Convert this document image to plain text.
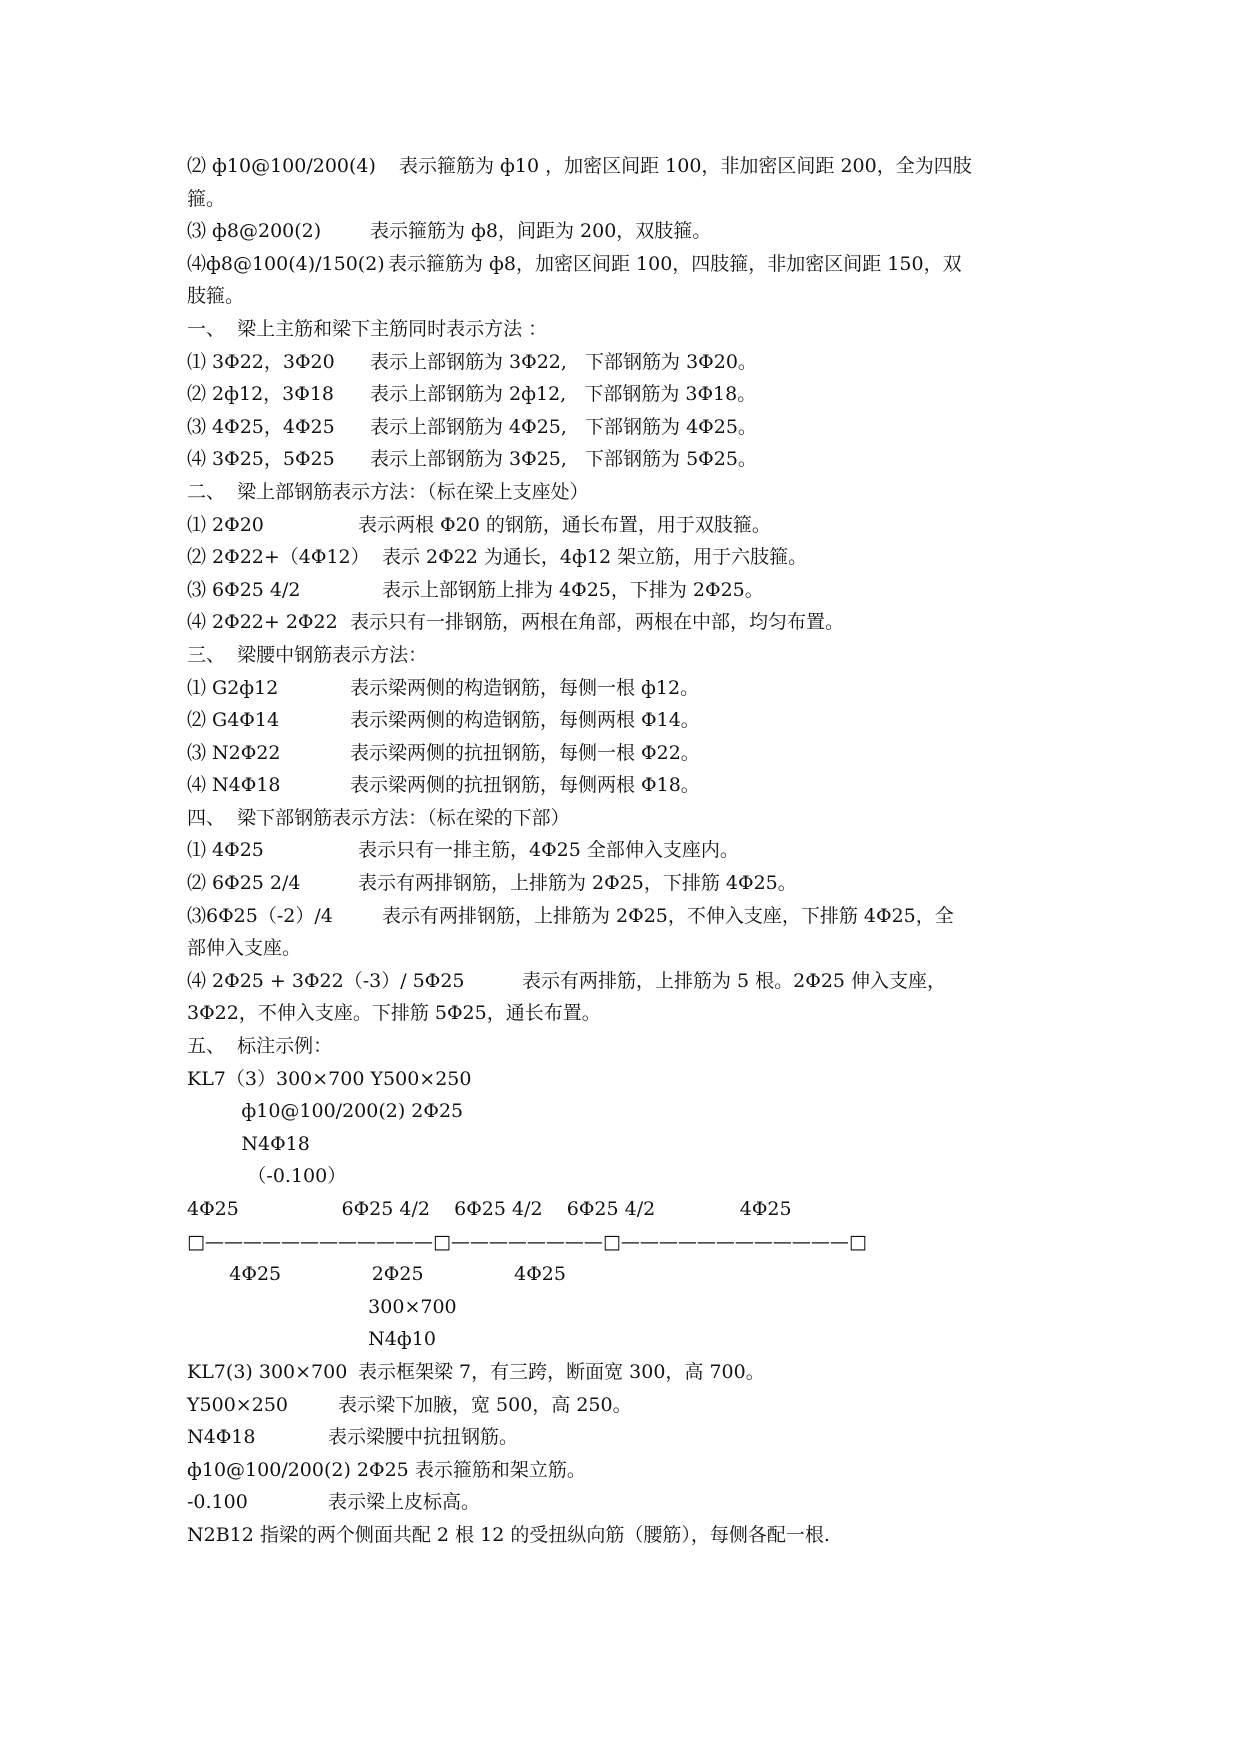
⑵ ф10@100/200(4) 表示箍筋为 ф10 ，加密区间距 100，非加密区间距 200，全为四肢
箍。
⑶ ф8@200(2)	表示箍筋为 ф8，间距为 200，双肢箍。
⑷ф8@100(4)/150(2) 表示箍筋为 ф8，加密区间距 100，四肢箍，非加密区间距 150，双
肢箍。
一、  梁上主筋和梁下主筋同时表示方法 ：
⑴ 3Φ22，3Φ20 表示上部钢筋为 3Φ22,   下部钢筋为 3Φ20。
⑵ 2ф12，3Φ18 表示上部钢筋为 2ф12,   下部钢筋为 3Φ18。
⑶ 4Φ25，4Φ25 表示上部钢筋为 4Φ25,   下部钢筋为 4Φ25。
⑷ 3Φ25，5Φ25 表示上部钢筋为 3Φ25,   下部钢筋为 5Φ25。
二、  梁上部钢筋表示方法：（标在梁上支座处）
⑴ 2Φ20	表示两根 Φ20 的钢筋，通长布置，用于双肢箍。
⑵ 2Φ22+（4Φ12） 表示 2Φ22 为通长，4ф12 架立筋，用于六肢箍。
⑶ 6Φ25 4/2	表示上部钢筋上排为 4Φ25，下排为 2Φ25。
⑷ 2Φ22+ 2Φ22 表示只有一排钢筋，两根在角部，两根在中部，均匀布置。
三、  梁腰中钢筋表示方法：
⑴ G2ф12	表示梁两侧的构造钢筋，每侧一根 ф12。
⑵ G4Φ14	表示梁两侧的构造钢筋，每侧两根 Φ14。
⑶ N2Φ22	表示梁两侧的抗扭钢筋，每侧一根 Φ22。
⑷ N4Φ18	表示梁两侧的抗扭钢筋，每侧两根 Φ18。
四、  梁下部钢筋表示方法：（标在梁的下部）
⑴ 4Φ25	表示只有一排主筋，4Φ25 全部伸入支座内。
⑵ 6Φ25 2/4	表示有两排钢筋，上排筋为 2Φ25，下排筋 4Φ25。
⑶6Φ25（-2）/4	表示有两排钢筋，上排筋为 2Φ25，不伸入支座，下排筋 4Φ25，全
部伸入支座。
⑷ 2Φ25 + 3Φ22（-3）/ 5Φ25	表示有两排筋，上排筋为 5 根。2Φ25 伸入支座，
3Φ22，不伸入支座。下排筋 5Φ25，通长布置。
五、  标注示例：
KL7（3）300×700 Y500×250
ф10@100/200(2) 2Φ25
N4Φ18
（-0.100）
4Φ25                 6Φ25 4/2    6Φ25 4/2    6Φ25 4/2              4Φ25
□————————————□————————□————————————□
4Φ25               2Φ25               4Φ25
300×700
N4ф10
KL7(3) 300×700 表示框架梁 7，有三跨，断面宽 300，高 700。
Y500×250	表示梁下加腋，宽 500，高 250。
N4Φ18	表示梁腰中抗扭钢筋。
ф10@100/200(2) 2Φ25 表示箍筋和架立筋。
-0.100	表示梁上皮标高。
N2B12 指梁的两个侧面共配 2 根 12 的受扭纵向筋（腰筋），每侧各配一根.
